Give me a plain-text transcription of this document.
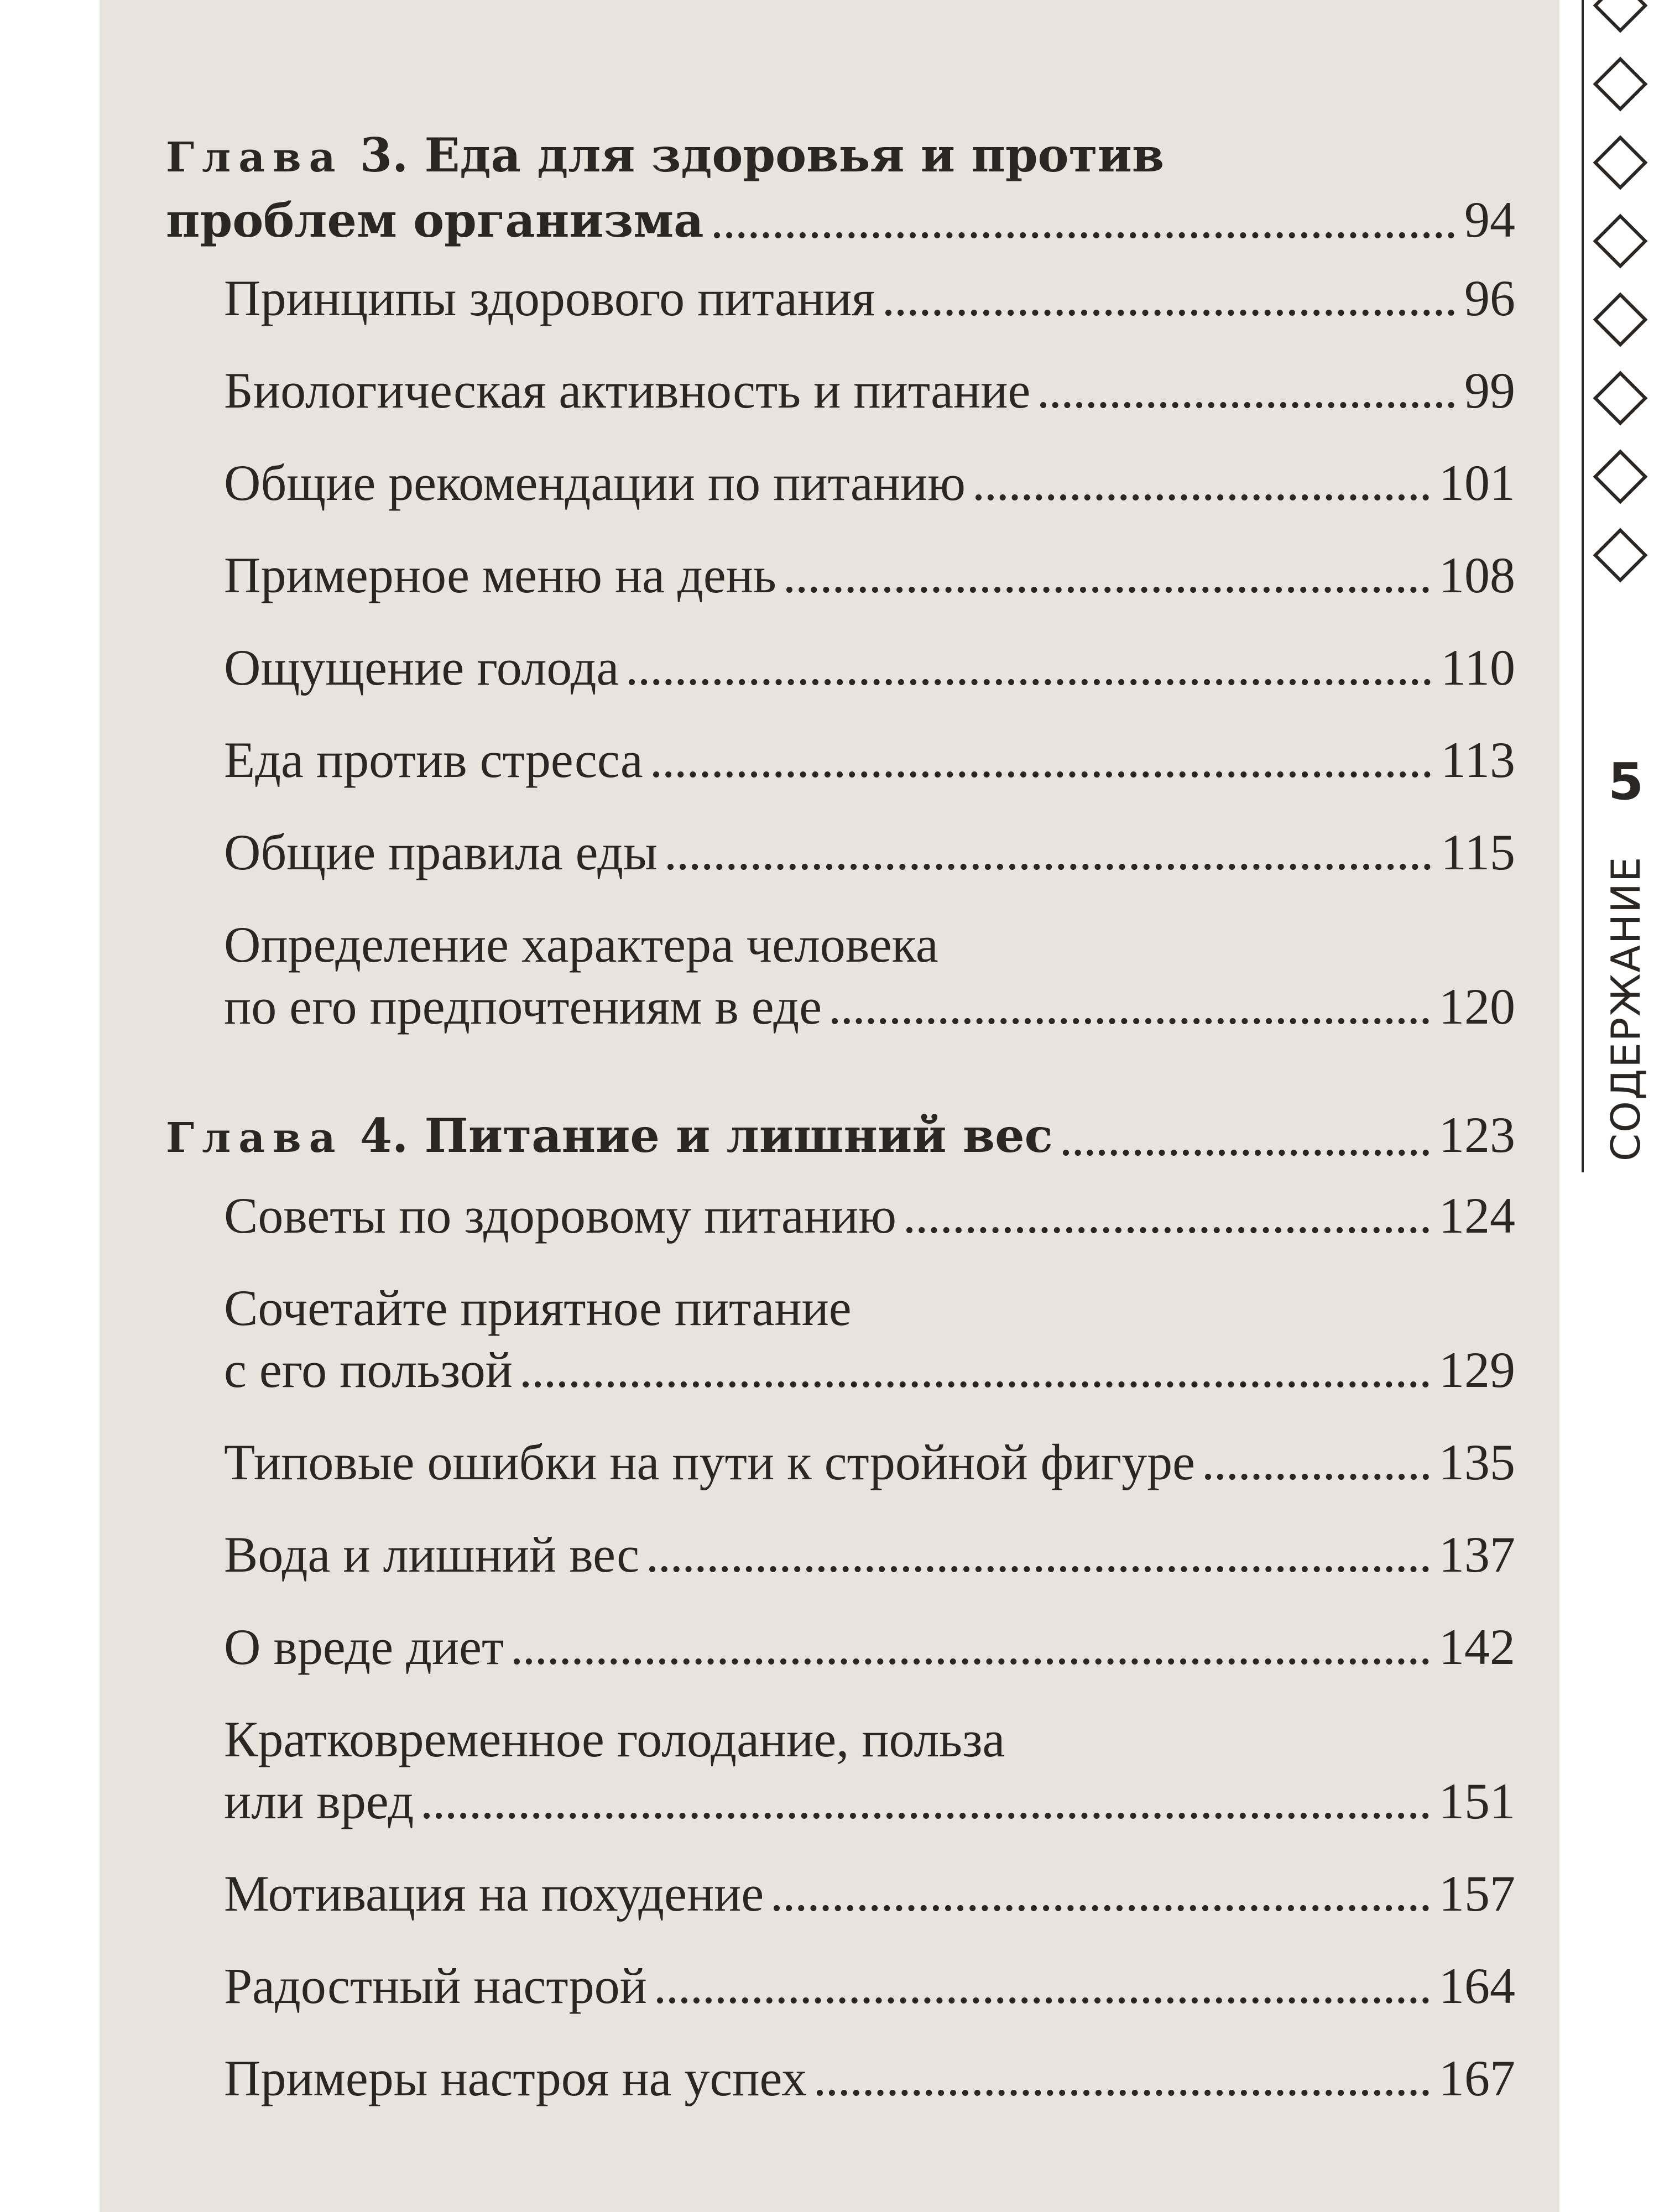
Глава 3. Еда для здоровья и против
проблем организма	94
Принципы здорового питания	96
Биологическая активность и питание	99
Общие рекомендации по питанию	101
Примерное меню на день	108
Ощущение голода	110
Еда против стресса	113
Общие правила еды	115
Определение характера человека
по его предпочтениям в еде	120
Глава 4. Питание и лишний вес	123
Советы по здоровому питанию	124
Сочетайте приятное питание
с его пользой	129
Типовые ошибки на пути к стройной фигуре	135
Вода и лишний вес	137
О вреде диет	142
Кратковременное голодание, польза
или вред	151
Мотивация на похудение	157
Радостный настрой	164
Примеры настроя на успех	167
5
СОДЕРЖАНИЕ
